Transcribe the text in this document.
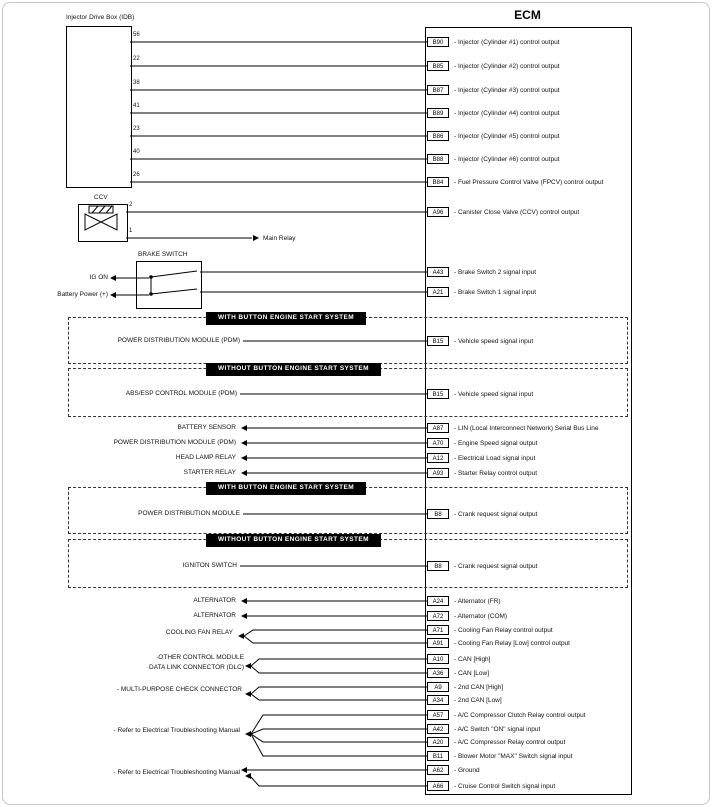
Injector Drive Box (IDB)
CCV
2
1
Main Relay
BRAKE SWITCH
ECM
WITH BUTTON ENGINE START SYSTEM
WITHOUT BUTTON ENGINE START SYSTEM
WITH BUTTON ENGINE START SYSTEM
WITHOUT BUTTON ENGINE START SYSTEM
B90	- Injector (Cylinder #1) control output
B85	- Injector (Cylinder #2) control output
B87	- Injector (Cylinder #3) control output
B89	- Injector (Cylinder #4) control output
B86	- Injector (Cylinder #5) control output
B88	- Injector (Cylinder #6) control output
B84	- Fuel Pressure Control Valve (FPCV) control output
A96	- Canister Close Valve (CCV) control output
A43	- Brake Switch 2 signal input
A21	- Brake Switch 1 signal input
B15	- Vehicle speed signal input
B15	- Vehicle speed signal input
A87	- LIN (Local Interconnect Network) Serial Bus Line
A70	- Engine Speed signal output
A12	- Electrical Load signal input
A93	- Starter Relay control output
B8	- Crank request signal output
B8	- Crank request signal output
A24	- Alternator (FR)
A72	- Alternator (COM)
A71	- Cooling Fan Relay control output
A91	- Cooling Fan Relay [Low] control output
A10	- CAN [High]
A36	- CAN [Low]
A9	- 2nd CAN [High]
A34	- 2nd CAN [Low]
A57	- A/C Compressor Clutch Relay control output
A42	- A/C Switch "ON" signal input
A20	- A/C Compressor Relay control output
B11	- Blower Motor "MAX" Switch signal input
A62	- Ground
A66	- Cruise Control Switch signal input
IG ON
Battery Power (+)
POWER DISTRIBUTION MODULE (PDM)
ABS/ESP CONTROL MODULE (PDM)
BATTERY SENSOR
POWER DISTRIBUTION MODULE (PDM)
HEAD LAMP RELAY
STARTER RELAY
POWER DISTRIBUTION MODULE
IGNITON SWITCH
ALTERNATOR
ALTERNATOR
COOLING FAN RELAY
·OTHER CONTROL MODULE
·DATA LINK CONNECTOR (DLC)
- MULTI-PURPOSE CHECK CONNECTOR
- Refer to Electrical Troubleshooting Manual
- Refer to Electrical Troubleshooting Manual
56
22
38
41
23
40
26
